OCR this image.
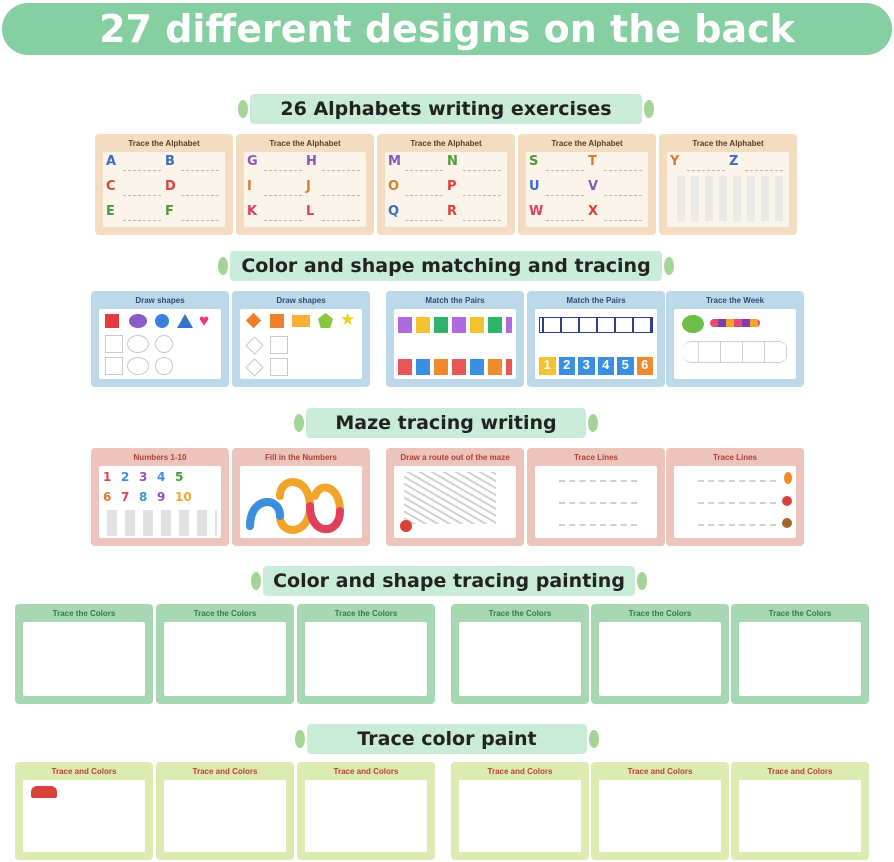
27 different designs on the back
26 Alphabets writing exercises
Trace the Alphabet
A	B
C	D
E	F
Trace the Alphabet
G	H
I	J
K	L
Trace the Alphabet
M	N
O	P
Q	R
Trace the Alphabet
S	T
U	V
W	X
Trace the Alphabet
Y	Z
Color and shape matching and tracing
Draw shapes
♥
Draw shapes
★
Match the Pairs	Match the Pairs
1 2 3 4 5 6
Trace the Week
Maze tracing writing
Numbers 1-10
1 2 3 4 5
6 7 8 9 10
Fill in the Numbers	Draw a route out of the maze	Trace Lines	Trace Lines
Color and shape tracing painting
Trace the Colors	Trace the Colors	Trace the Colors	Trace the Colors	Trace the Colors	Trace the Colors
Trace color paint
Trace and Colors	Trace and Colors	Trace and Colors	Trace and Colors	Trace and Colors	Trace and Colors
